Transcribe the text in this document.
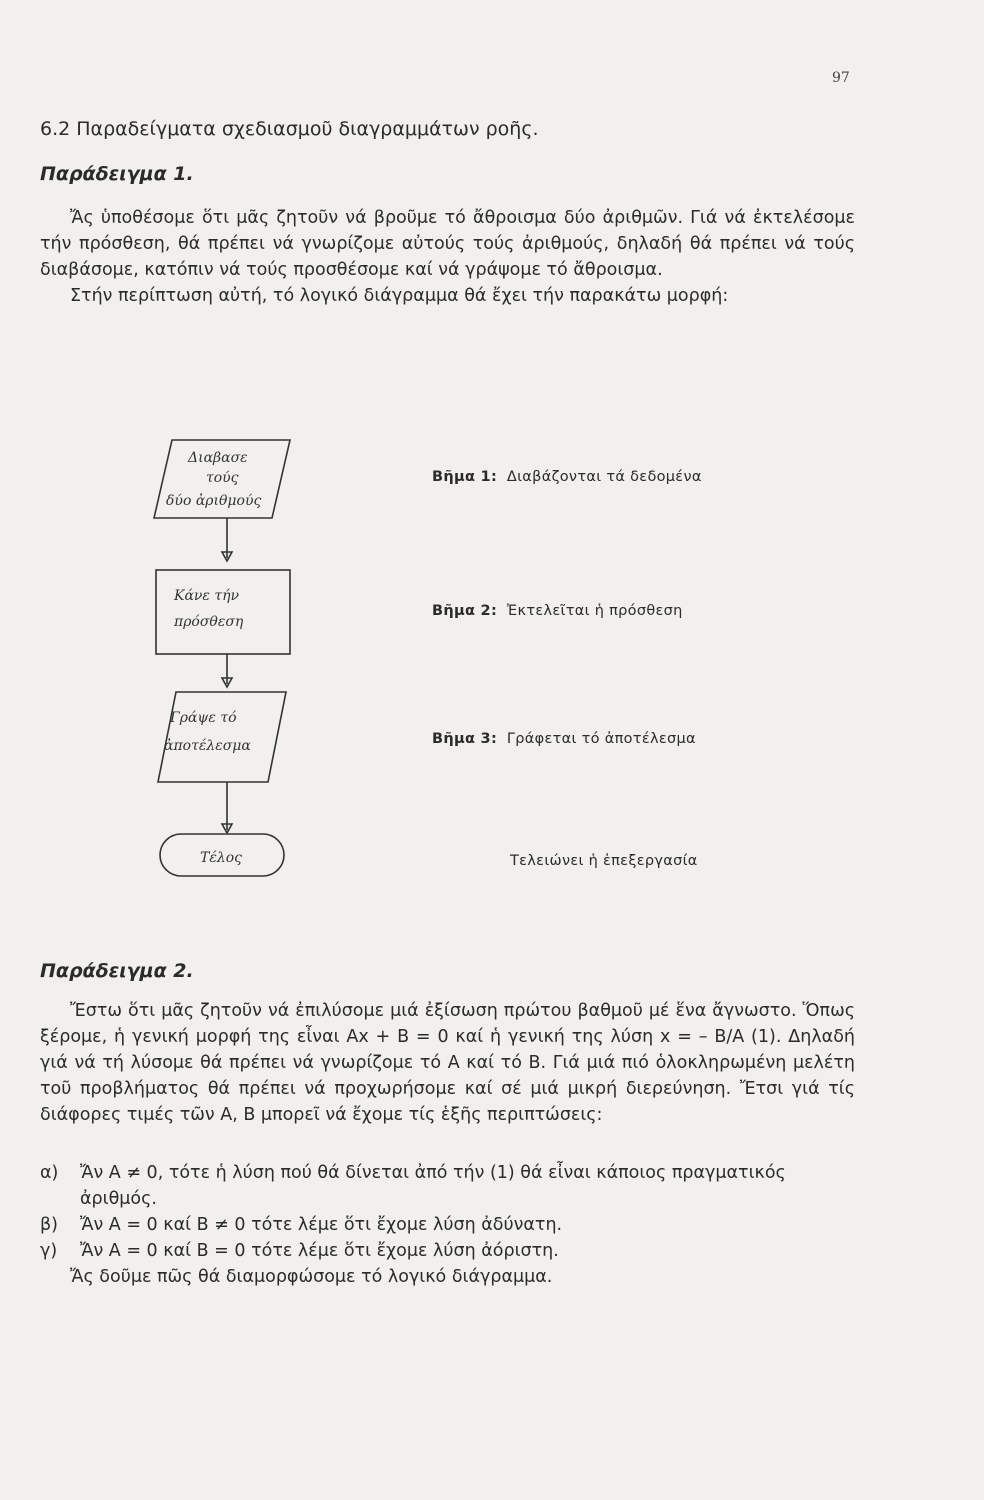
97
6.2 Παραδείγματα σχεδιασμοῦ διαγραμμάτων ροῆς.
Παράδειγμα 1.

Ἄς ὑποθέσομε ὅτι μᾶς ζητοῦν νά βροῦμε τό ἄθροισμα δύο ἀριθμῶν. Γιά νά ἐκτελέσομε τήν πρόσθεση, θά πρέπει νά γνωρίζομε αὐτούς τούς ἀριθμούς, δηλαδή θά πρέπει νά τούς διαβάσομε, κατόπιν νά τούς προσθέσομε καί νά γράψομε τό ἄθροισμα.

Στήν περίπτωση αὐτή, τό λογικό διάγραμμα θά ἔχει τήν παρακάτω μορφή:

Διαβασε
τούς
δύο ἀριθμούς
Κάνε τήν
πρόσθεση
Γράψε τό
ἀποτέλεσμα
Τέλος
Βῆμα 1: Διαβάζονται τά δεδομένα
Βῆμα 2: Ἐκτελεῖται ἡ πρόσθεση
Βῆμα 3: Γράφεται τό ἀποτέλεσμα
Τελειώνει ἡ ἐπεξεργασία
Παράδειγμα 2.

Ἔστω ὅτι μᾶς ζητοῦν νά ἐπιλύσομε μιά ἐξίσωση πρώτου βαθμοῦ μέ ἕνα ἄγνωστο. Ὅπως ξέρομε, ἡ γενική μορφή της εἶναι Ax + B = 0 καί ἡ γενική της λύση x = – B/A (1). Δηλαδή γιά νά τή λύσομε θά πρέπει νά γνωρίζομε τό A καί τό B. Γιά μιά πιό ὁλοκληρωμένη μελέτη τοῦ προβλήματος θά πρέπει νά προχωρήσομε καί σέ μιά μικρή διερεύνηση. Ἔτσι γιά τίς διάφορες τιμές τῶν A, B μπορεῖ νά ἔχομε τίς ἑξῆς περιπτώσεις:

α)	Ἄν A ≠ 0, τότε ἡ λύση πού θά δίνεται ἀπό τήν (1) θά εἶναι κάποιος πραγματικός ἀριθμός.
β)	Ἄν A = 0 καί B ≠ 0 τότε λέμε ὅτι ἔχομε λύση ἀδύνατη.
γ)	Ἄν A = 0 καί B = 0 τότε λέμε ὅτι ἔχομε λύση ἀόριστη.
Ἄς δοῦμε πῶς θά διαμορφώσομε τό λογικό διάγραμμα.
